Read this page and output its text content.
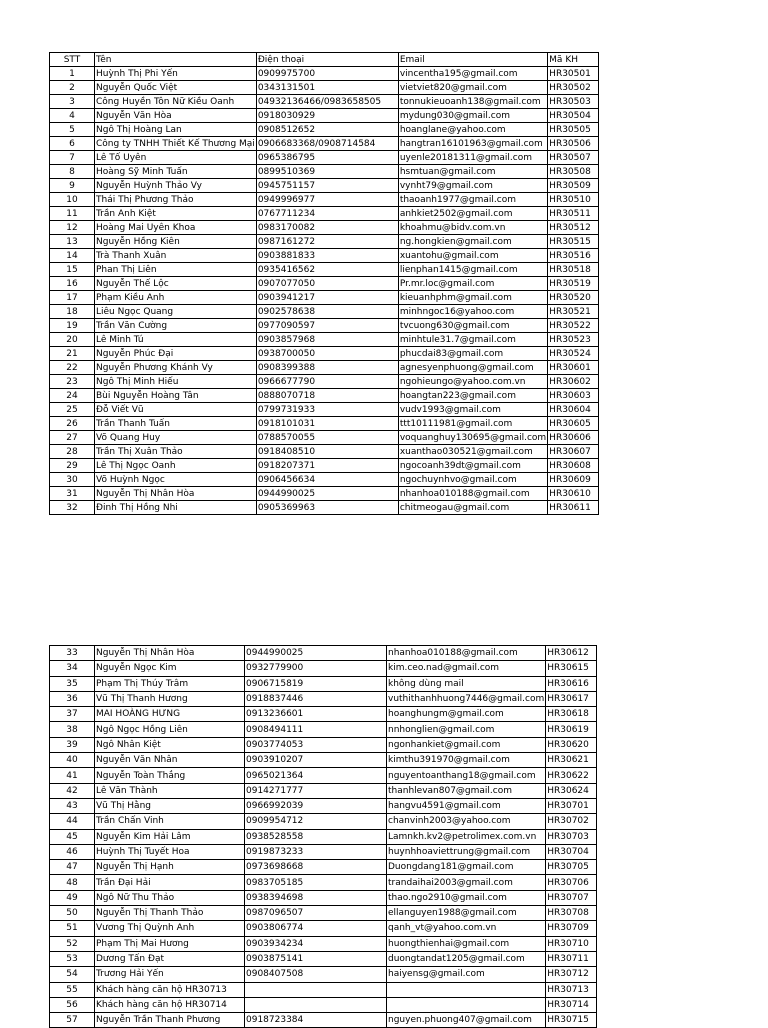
STT	Tên	Điện thoại	Email	Mã KH
1	Huỳnh Thị Phi Yến	0909975700	vincentha195@gmail.com	HR30501
2	Nguyễn Quốc Việt	0343131501	vietviet820@gmail.com	HR30502
3	Công Huyền Tôn Nữ Kiều Oanh	04932136466/0983658505	tonnukieuoanh138@gmail.com	HR30503
4	Nguyễn Văn Hòa	0918030929	mydung030@gmail.com	HR30504
5	Ngô Thị Hoàng Lan	0908512652	hoanglane@yahoo.com	HR30505
6	Công ty TNHH Thiết Kế Thương Mại	0906683368/0908714584	hangtran16101963@gmail.com	HR30506
7	Lê Tố Uyên	0965386795	uyenle20181311@gmail.com	HR30507
8	Hoàng Sỹ Minh Tuấn	0899510369	hsmtuan@gmail.com	HR30508
9	Nguyễn Huỳnh Thảo Vy	0945751157	vynht79@gmail.com	HR30509
10	Thái Thị Phương Thảo	0949996977	thaoanh1977@gmail.com	HR30510
11	Trần Anh Kiệt	0767711234	anhkiet2502@gmail.com	HR30511
12	Hoàng Mai Uyên Khoa	0983170082	khoahmu@bidv.com.vn	HR30512
13	Nguyễn Hồng Kiên	0987161272	ng.hongkien@gmail.com	HR30515
14	Trà Thanh Xuân	0903881833	xuantohu@gmail.com	HR30516
15	Phan Thị Liên	0935416562	lienphan1415@gmail.com	HR30518
16	Nguyễn Thế Lộc	0907077050	Pr.mr.loc@gmail.com	HR30519
17	Phạm Kiều Anh	0903941217	kieuanhphm@gmail.com	HR30520
18	Liêu Ngọc Quang	0902578638	minhngoc16@yahoo.com	HR30521
19	Trần Văn Cường	0977090597	tvcuong630@gmail.com	HR30522
20	Lê Minh Tú	0903857968	minhtule31.7@gmail.com	HR30523
21	Nguyễn Phúc Đại	0938700050	phucdai83@gmail.com	HR30524
22	Nguyễn Phương Khánh Vy	0908399388	agnesyenphuong@gmail.com	HR30601
23	Ngô Thị Minh Hiếu	0966677790	ngohieungo@yahoo.com.vn	HR30602
24	Bùi Nguyễn Hoàng Tân	0888070718	hoangtan223@gmail.com	HR30603
25	Đỗ Viết Vũ	0799731933	vudv1993@gmail.com	HR30604
26	Trần Thanh Tuấn	0918101031	ttt10111981@gmail.com	HR30605
27	Võ Quang Huy	0788570055	voquanghuy130695@gmail.com	HR30606
28	Trần Thị Xuân Thảo	0918408510	xuanthao030521@gmail.com	HR30607
29	Lê Thị Ngọc Oanh	0918207371	ngocoanh39dt@gmail.com	HR30608
30	Võ Huỳnh Ngọc	0906456634	ngochuynhvo@gmail.com	HR30609
31	Nguyễn Thị Nhân Hòa	0944990025	nhanhoa010188@gmail.com	HR30610
32	Đinh Thị Hồng Nhi	0905369963	chitmeogau@gmail.com	HR30611
33	Nguyễn Thị Nhân Hòa	0944990025	nhanhoa010188@gmail.com	HR30612
34	Nguyễn Ngọc Kim	0932779900	kim.ceo.nad@gmail.com	HR30615
35	Phạm Thị Thúy Trâm	0906715819	không dùng mail	HR30616
36	Vũ Thị Thanh Hương	0918837446	vuthithanhhuong7446@gmail.com	HR30617
37	MAI HOÀNG HƯNG	0913236601	hoanghungm@gmail.com	HR30618
38	Ngô Ngọc Hồng Liên	0908494111	nnhonglien@gmail.com	HR30619
39	Ngô Nhân Kiệt	0903774053	ngonhankiet@gmail.com	HR30620
40	Nguyễn Văn Nhân	0903910207	kimthu391970@gmail.com	HR30621
41	Nguyễn Toàn Thắng	0965021364	nguyentoanthang18@gmail.com	HR30622
42	Lê Văn Thành	0914271777	thanhlevan807@gmail.com	HR30624
43	Vũ Thị Hằng	0966992039	hangvu4591@gmail.com	HR30701
44	Trần Chấn Vinh	0909954712	chanvinh2003@yahoo.com	HR30702
45	Nguyễn Kim Hải Lâm	0938528558	Lamnkh.kv2@petrolimex.com.vn	HR30703
46	Huỳnh Thị Tuyết Hoa	0919873233	huynhhoaviettrung@gmail.com	HR30704
47	Nguyễn Thị Hạnh	0973698668	Duongdang181@gmail.com	HR30705
48	Trần Đại Hải	0983705185	trandaihai2003@gmail.com	HR30706
49	Ngô Nữ Thu Thảo	0938394698	thao.ngo2910@gmail.com	HR30707
50	Nguyễn Thị Thanh Thảo	0987096507	ellanguyen1988@gmail.com	HR30708
51	Vương Thị Quỳnh Anh	0903806774	qanh_vt@yahoo.com.vn	HR30709
52	Phạm Thị Mai Hương	0903934234	huongthienhai@gmail.com	HR30710
53	Dương Tấn Đạt	0903875141	duongtandat1205@gmail.com	HR30711
54	Trương Hải Yến	0908407508	haiyensg@gmail.com	HR30712
55	Khách hàng căn hộ HR30713			HR30713
56	Khách hàng căn hộ HR30714			HR30714
57	Nguyễn Trần Thanh Phương	0918723384	nguyen.phuong407@gmail.com	HR30715
